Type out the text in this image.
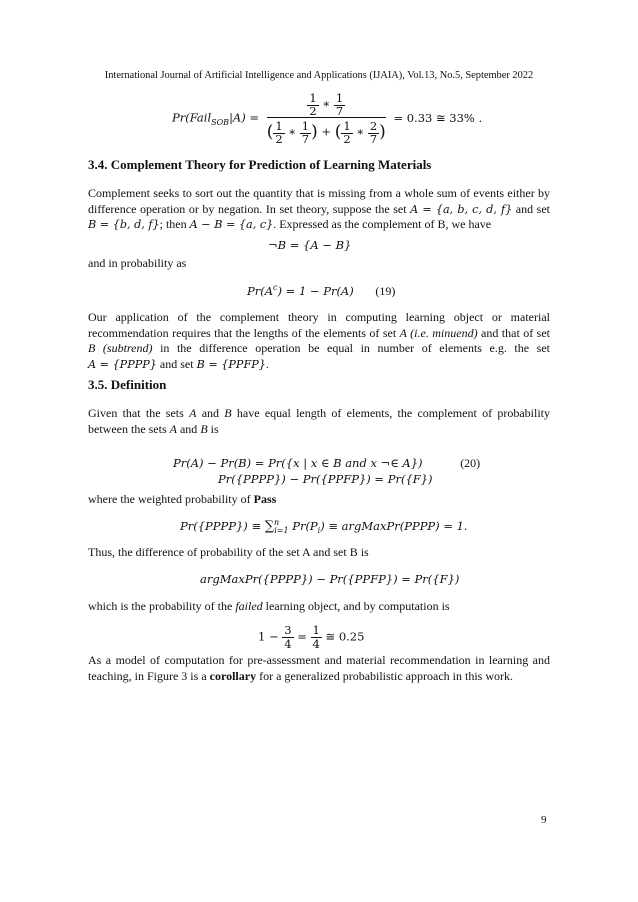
International Journal of Artificial Intelligence and Applications (IJAIA), Vol.13, No.5, September 2022
Pr(Fail$_{SOB}$|A) = $\frac{\frac{1}{2} ∗ \frac{1}{7}}{( \frac{1}{2} ∗ \frac{1}{7} ) + ( \frac{1}{2} ∗ \frac{2}{7} )} = 0.33$ ≅ 33% .
3.4. Complement Theory for Prediction of Learning Materials
Complement seeks to sort out the quantity that is missing from a whole sum of events either by difference operation or by negation. In set theory, suppose the set A = {a, b, c, d, f} and set B = {b, d, f}; then A − B = {a, c}. Expressed as the complement of B, we have
¬B = {A − B}
and in probability as
$Pr(A^c) = 1 - Pr(A)$ (19)
Our application of the complement theory in computing learning object or material recommendation requires that the lengths of the elements of set A (i.e. minuend) and that of set B (subtrend) in the difference operation be equal in number of elements e.g. the set A = {PPPP} and set B = {PPFP}.
3.5. Definition
Given that the sets A and B have equal length of elements, the complement of probability between the sets A and B is
Pr(A) − Pr(B) = Pr({x | x ∈ B and x ¬∈ A})	(20)
Pr({PPPP}) − Pr({PPFP}) = Pr({F})
where the weighted probability of Pass
Pr({PPPP}) ≡ ∑$^n_{i=1}$ $Pr(P_i)$ ≡ argMaxPr(PPPP) = 1.
Thus, the difference of probability of the set A and set B is
argMaxPr({PPPP}) − Pr({PPFP}) = Pr({F})
which is the probability of the failed learning object, and by computation is
$1 - \frac{3}{4} = \frac{1}{4}$ ≅ 0.25
As a model of computation for pre-assessment and material recommendation in learning and teaching, in Figure 3 is a corollary for a generalized probabilistic approach in this work.
9
